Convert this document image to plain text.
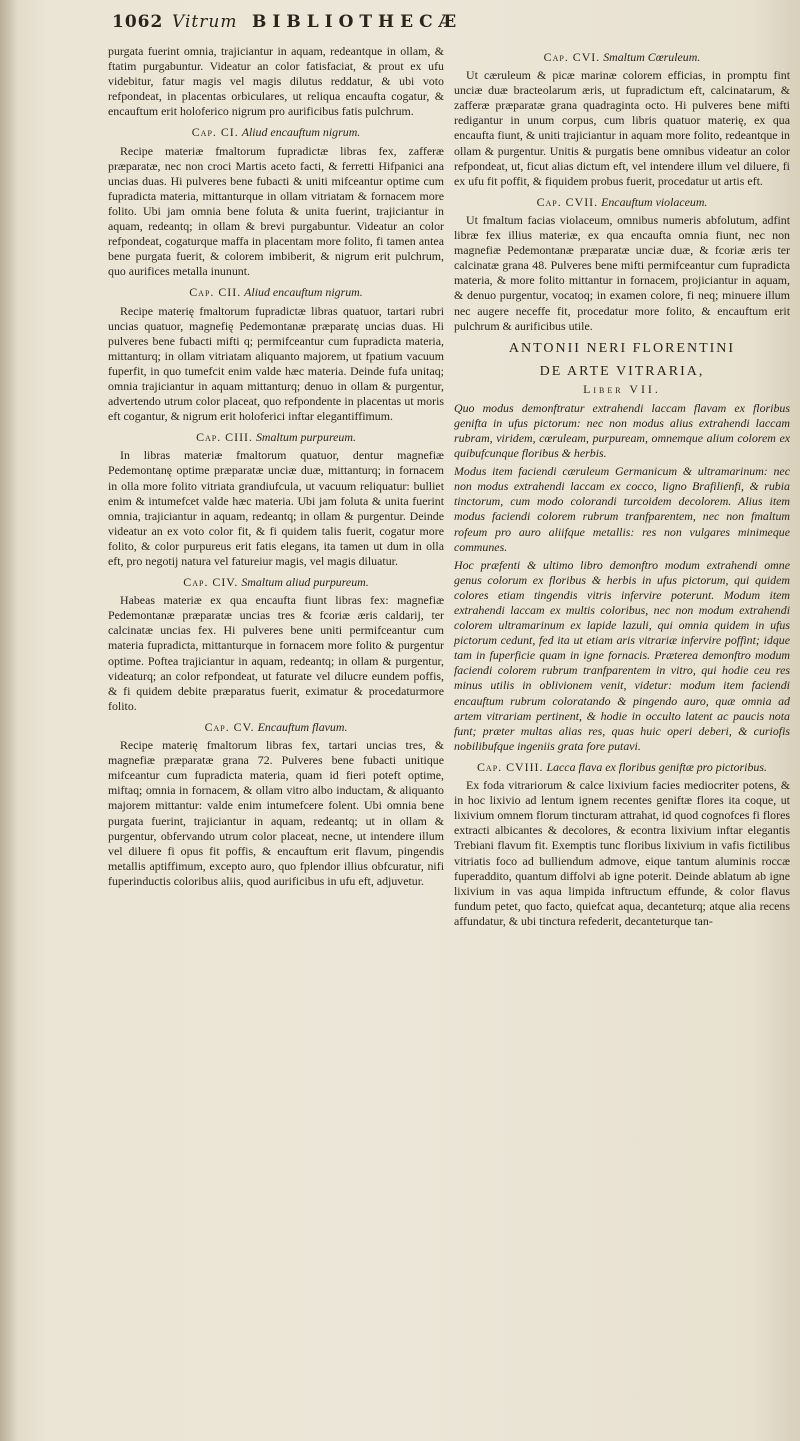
1062 Vitrum BIBLIOTHECÆ

purgata fuerint omnia, trajiciantur in aquam, redeantque in ollam, & ftatim purgabuntur. Videatur an color fatisfaciat, & prout ex ufu videbitur, fatur magis vel magis dilutus reddatur, & ubi voto refpondeat, in placentas orbiculares, ut reliqua encaufta cogatur, & encauftum erit holoferico nigrum pro aurificibus fatis pulchrum.

Cap. CI. Aliud encauftum nigrum.

Recipe materiæ fmaltorum fupradictæ libras fex, zafferæ præparatæ, nec non croci Martis aceto facti, & ferretti Hifpanici ana uncias duas. Hi pulveres bene fubacti & uniti mifceantur optime cum fupradicta materia, mittanturque in ollam vitriatam & fornacem more folito. Ubi jam omnia bene foluta & unita fuerint, trajiciantur in aquam, redeantq; in ollam & brevi purgabuntur. Videatur an color refpondeat, cogaturque maffa in placentam more folito, fi tamen antea bene purgata fuerit, & colorem imbiberit, & nigrum erit pulchrum, quo aurifices metalla inununt.

Cap. CII. Aliud encauftum nigrum.

Recipe materię fmaltorum fupradictæ libras quatuor, tartari rubri uncias quatuor, magnefię Pedemontanæ præparatę uncias duas. Hi pulveres bene fubacti mifti q; permifceantur cum fupradicta materia, mittanturq; in ollam vitriatam aliquanto majorem, ut fpatium vacuum fuperfit, in quo tumefcit enim valde hæc materia. Deinde fufa unitaq; omnia trajiciantur in aquam mittanturq; denuo in ollam & purgentur, advertendo utrum color placeat, quo refpondente in placentas ut moris eft cogantur, & nigrum erit holoferici inftar elegantiffimum.

Cap. CIII. Smaltum purpureum.

In libras materiæ fmaltorum quatuor, dentur magnefiæ Pedemontanę optime præparatæ unciæ duæ, mittanturq; in fornacem in olla more folito vitriata grandiufcula, ut vacuum reliquatur: bulliet enim & intumefcet valde hæc materia. Ubi jam foluta & unita fuerint omnia, trajiciantur in aquam, redeantq; in ollam & purgentur. Deinde videatur an ex voto color fit, & fi quidem talis fuerit, cogatur more folito, & color purpureus erit fatis elegans, ita tamen ut dum in olla eft, pro negotij natura vel fatureiur magis, vel magis diluatur.

Cap. CIV. Smaltum aliud purpureum.

Habeas materiæ ex qua encaufta fiunt libras fex: magnefiæ Pedemontanæ præparatæ uncias tres & fcoriæ æris caldarij, ter calcinatæ uncias fex. Hi pulveres bene uniti permifceantur cum materia fupradicta, mittanturque in fornacem more folito & purgentur optime. Poftea trajiciantur in aquam, redeantq; in ollam & purgentur, videaturq; an color refpondeat, ut faturate vel dilucre eundem poffis, & fi quidem debite præparatus fuerit, eximatur & procedaturmore folito.

Cap. CV. Encauftum flavum.

Recipe materię fmaltorum libras fex, tartari uncias tres, & magnefiæ præparatæ grana 72. Pulveres bene fubacti unitique mifceantur cum fupradicta materia, quam id fieri poteft optime, miftaq; omnia in fornacem, & ollam vitro albo inductam, & aliquanto majorem mittantur: valde enim intumefcere folent. Ubi omnia bene purgata fuerint, trajiciantur in aquam, redeantq; ut in ollam & purgentur, obfervando utrum color placeat, necne, ut intendere illum vel diluere fi opus fit poffis, & encauftum erit flavum, pingendis metallis aptiffimum, excepto auro, quo fplendor illius obfcuratur, nifi fuperinductis coloribus aliis, quod aurificibus in ufu eft, adjuvetur.

Cap. CVI. Smaltum Cœruleum.

Ut cæruleum & picæ marinæ colorem efficias, in promptu fint unciæ duæ bracteolarum æris, ut fupradictum eft, calcinatarum, & zafferæ præparatæ grana quadraginta octo. Hi pulveres bene mifti redigantur in unum corpus, cum libris quatuor materię, ex qua encaufta fiunt, & uniti trajiciantur in aquam more folito, redeantque in ollam & purgentur. Unitis & purgatis bene omnibus videatur an color refpondeat, ut, ficut alias dictum eft, vel intendere illum vel diluere, fi ex ufu fit poffit, & fiquidem probus fuerit, procedatur ut artis eft.

Cap. CVII. Encauftum violaceum.

Ut fmaltum facias violaceum, omnibus numeris abfolutum, adfint libræ fex illius materiæ, ex qua encaufta omnia fiunt, nec non magnefiæ Pedemontanæ præparatæ unciæ duæ, & fcoriæ æris ter calcinatæ grana 48. Pulveres bene mifti permifceantur cum fupradicta materia, & more folito mittantur in fornacem, projiciantur in aquam, & denuo purgentur, vocatoq; in examen colore, fi neq; minuere illum nec augere neceffe fit, procedatur more folito, & encauftum erit pulchrum & aurificibus utile.

ANTONII NERI FLORENTINI
DE ARTE VITRARIA,
Liber VII.

Quo modus demonftratur extrahendi laccam flavam ex floribus genifta in ufus pictorum: nec non modus alius extrahendi laccam rubram, viridem, cœruleam, purpuream, omnemque alium colorem ex quibufcunque floribus & herbis.

Modus item faciendi cæruleum Germanicum & ultramarinum: nec non modus extrahendi laccam ex cocco, ligno Brafilienfi, & rubia tinctorum, cum modo colorandi turcoidem decolorem. Alius item modus faciendi colorem rubrum tranfparentem, nec non fmaltum rofeum pro auro aliifque metallis: res non vulgares minimeque communes.

Hoc præfenti & ultimo libro demonftro modum extrahendi omne genus colorum ex floribus & herbis in ufus pictorum, qui quidem colores etiam tingendis vitris infervire poterunt. Modum item extrahendi laccam ex multis coloribus, nec non modum extrahendi colorem ultramarinum ex lapide lazuli, qui omnia quidem in ufus pictorum cedunt, fed ita ut etiam aris vitrariæ infervire poffint; idque tam in fuperficie quam in igne fornacis. Præterea demonftro modum faciendi colorem rubrum tranfparentem in vitro, qui hodie ceu res minus utilis in oblivionem venit, videtur: modum item faciendi encauftum rubrum coloratando & pingendo auro, quæ omnia ad artem vitrariam pertinent, & hodie in occulto latent ac paucis nota funt; præter multas alias res, quas huic operi deberi, & curiofis nobilibufque ingeniis grata fore putavi.

Cap. CVIII. Lacca flava ex floribus geniftæ pro pictoribus.

Ex foda vitrariorum & calce lixivium facies mediocriter potens, & in hoc lixivio ad lentum ignem recentes geniftæ flores ita coque, ut lixivium omnem florum tincturam attrahat, id quod cognofces fi flores extracti albicantes & decolores, & econtra lixivium inftar elegantis Trebiani flavum fit. Exemptis tunc floribus lixivium in vafis fictilibus vitriatis foco ad bulliendum admove, eique tantum aluminis roccæ fuperaddito, quantum diffolvi ab igne poterit. Deinde ablatum ab igne lixivium in vas aqua limpida inftructum effunde, & color flavus fundum petet, quo facto, quiefcat aqua, decanteturq; atque alia recens affundatur, & ubi tinctura refederit, decanteturque tan-
